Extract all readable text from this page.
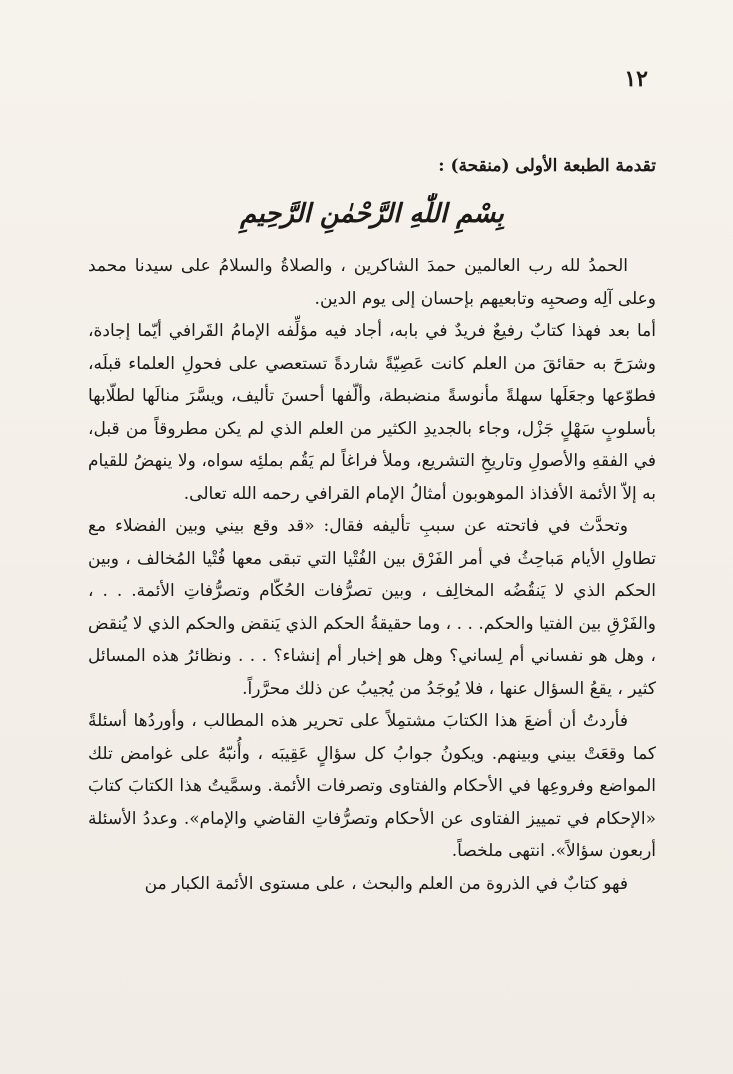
١٢
تقدمة الطبعة الأولى (منقحة) :
بِسْمِ اللّٰهِ الرَّحْمٰنِ الرَّحِيمِ

الحمدُ لله رب العالمين حمدَ الشاكرين ، والصلاةُ والسلامُ على سيدنا محمد وعلى آلِه وصحبِه وتابعيهم بإحسان إلى يوم الدين.

أما بعد فهذا كتابٌ رفيعٌ فريدٌ في بابه، أجاد فيه مؤلِّفه الإمامُ القَرافي أيّما إجادة، وشرَحَ به حقائقَ من العلم كانت عَصِيّةً شاردةً تستعصي على فحولِ العلماء قبلَه، فطوّعها وجعَلَها سهلةً مأنوسةً منضبطة، وألّفها أحسنَ تأليف، ويسَّرَ منالَها لطلّابها بأسلوبٍ سَهْلٍ جَزْل، وجاء بالجديدِ الكثير من العلم الذي لم يكن مطروقاً من قبل، في الفقهِ والأصولِ وتاريخِ التشريع، وملأ فراغاً لم يَقُم بملئِه سواه، ولا ينهضُ للقيام به إلاّ الأئمة الأفذاذ الموهوبون أمثالُ الإمام القرافي رحمه الله تعالى.

وتحدَّث في فاتحته عن سببِ تأليفه فقال: «قد وقع بيني وبين الفضلاء مع تطاولِ الأيام مَباحِثُ في أمر الفَرْق بين الفُتْيا التي تبقى معها فُتْيا المُخالف ، وبين الحكم الذي لا يَنقُضُه المخالِف ، وبين تصرُّفات الحُكّام وتصرُّفاتِ الأئمة. . . ، والفَرْقِ بين الفتيا والحكم. . . ، وما حقيقةُ الحكم الذي يَنقض والحكم الذي لا يُنقض ، وهل هو نفساني أم لِساني؟ وهل هو إخبار أم إنشاء؟ . . . ونظائرُ هذه المسائل كثير ، يقعُ السؤال عنها ، فلا يُوجَدُ من يُجيبُ عن ذلك محرَّراً.

فأردتُ أن أضعَ هذا الكتابَ مشتمِلاً على تحرير هذه المطالب ، وأوردُها أسئلةً كما وقعَتْ بيني وبينهم. ويكونُ جوابُ كل سؤالٍ عَقِيبَه ، وأُنبّهُ على غوامض تلك المواضع وفروعِها في الأحكام والفتاوى وتصرفات الأئمة. وسمَّيتُ هذا الكتابَ كتابَ «الإحكام في تمييز الفتاوى عن الأحكام وتصرُّفاتِ القاضي والإمام». وعددُ الأسئلة أربعون سؤالاً». انتهى ملخصاً.

فهو كتابٌ في الذروة من العلم والبحث ، على مستوى الأئمة الكبار من
